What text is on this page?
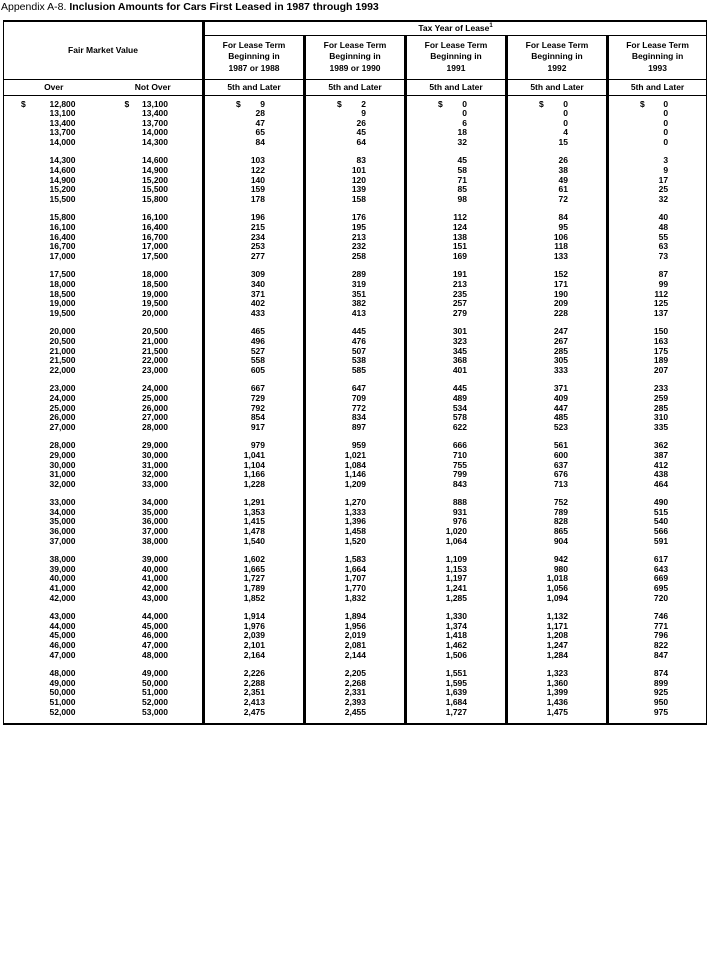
Appendix A-8. Inclusion Amounts for Cars First Leased in 1987 through 1993
Fair Market Value		Tax Year of Lease$^1$
		For Lease Term
Beginning in
1987 or 1988	For Lease Term
Beginning in
1989 or 1990	For Lease Term
Beginning in
1991	For Lease Term
Beginning in
1992	For Lease Term
Beginning in
1993
Over	Not Over	5th and Later	5th and Later	5th and Later	5th and Later	5th and Later

$ 12,800	$ 13,100	$ 9	$ 2	$ 0	$ 0	$ 0
13,100	13,400	28	9	0	0	0
13,400	13,700	47	26	6	0	0
13,700	14,000	65	45	18	4	0
14,000	14,300	84	64	32	15	0
14,300	14,600	103	83	45	26	3
14,600	14,900	122	101	58	38	9
14,900	15,200	140	120	71	49	17
15,200	15,500	159	139	85	61	25
15,500	15,800	178	158	98	72	32
15,800	16,100	196	176	112	84	40
16,100	16,400	215	195	124	95	48
16,400	16,700	234	213	138	106	55
16,700	17,000	253	232	151	118	63
17,000	17,500	277	258	169	133	73
17,500	18,000	309	289	191	152	87
18,000	18,500	340	319	213	171	99
18,500	19,000	371	351	235	190	112
19,000	19,500	402	382	257	209	125
19,500	20,000	433	413	279	228	137
20,000	20,500	465	445	301	247	150
20,500	21,000	496	476	323	267	163
21,000	21,500	527	507	345	285	175
21,500	22,000	558	538	368	305	189
22,000	23,000	605	585	401	333	207
23,000	24,000	667	647	445	371	233
24,000	25,000	729	709	489	409	259
25,000	26,000	792	772	534	447	285
26,000	27,000	854	834	578	485	310
27,000	28,000	917	897	622	523	335
28,000	29,000	979	959	666	561	362
29,000	30,000	1,041	1,021	710	600	387
30,000	31,000	1,104	1,084	755	637	412
31,000	32,000	1,166	1,146	799	676	438
32,000	33,000	1,228	1,209	843	713	464
33,000	34,000	1,291	1,270	888	752	490
34,000	35,000	1,353	1,333	931	789	515
35,000	36,000	1,415	1,396	976	828	540
36,000	37,000	1,478	1,458	1,020	865	566
37,000	38,000	1,540	1,520	1,064	904	591
38,000	39,000	1,602	1,583	1,109	942	617
39,000	40,000	1,665	1,664	1,153	980	643
40,000	41,000	1,727	1,707	1,197	1,018	669
41,000	42,000	1,789	1,770	1,241	1,056	695
42,000	43,000	1,852	1,832	1,285	1,094	720
43,000	44,000	1,914	1,894	1,330	1,132	746
44,000	45,000	1,976	1,956	1,374	1,171	771
45,000	46,000	2,039	2,019	1,418	1,208	796
46,000	47,000	2,101	2,081	1,462	1,247	822
47,000	48,000	2,164	2,144	1,506	1,284	847
48,000	49,000	2,226	2,205	1,551	1,323	874
49,000	50,000	2,288	2,268	1,595	1,360	899
50,000	51,000	2,351	2,331	1,639	1,399	925
51,000	52,000	2,413	2,393	1,684	1,436	950
52,000	53,000	2,475	2,455	1,727	1,475	975
